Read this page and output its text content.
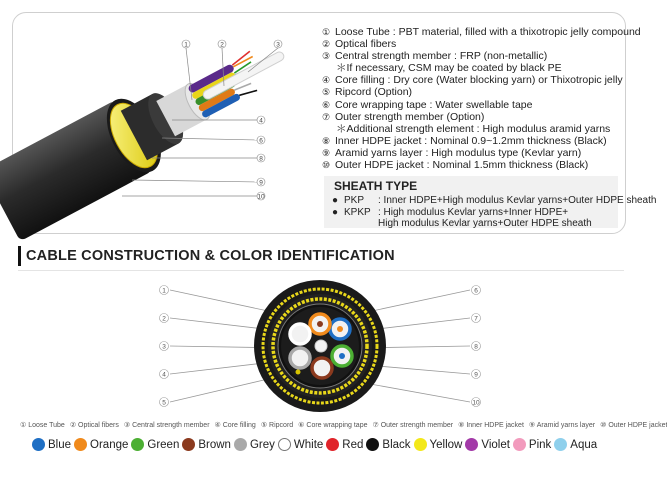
1	2	3
4
6
8
9
10
① Loose Tube : PBT material, filled with a thixotropic jelly compound
② Optical fibers
③ Central strength member : FRP (non-metallic)
＊If necessary, CSM may be coated by black PE
④ Core filling : Dry core (Water blocking yarn) or Thixotropic jelly
⑤ Ripcord (Option)
⑥ Core wrapping tape : Water swellable tape
⑦ Outer strength member (Option)
＊Additional strength element : High modulus aramid yarns
⑧ Inner HDPE jacket : Nominal 0.9~1.2mm thickness (Black)
⑨ Aramid yarns layer : High modulus type (Kevlar yarn)
⑩ Outer HDPE jacket : Nominal 1.5mm thickness (Black)
SHEATH TYPE
● PKP : Inner HDPE+High modulus Kevlar yarns+Outer HDPE sheath
● KPKP : High modulus Kevlar yarns+Inner HDPE+
High modulus Kevlar yarns+Outer HDPE sheath
CABLE CONSTRUCTION & COLOR IDENTIFICATION
1
2
3
4
5
6
7
8
9
10
① Loose Tube ② Optical fibers ③ Central strength member ④ Core filling ⑤ Ripcord ⑥ Core wrapping tape ⑦ Outer strength member ⑧ Inner HDPE jacket ⑨ Aramid yarns layer ⑩ Outer HDPE jacket
Blue Orange Green Brown Grey White Red Black Yellow Violet Pink Aqua
